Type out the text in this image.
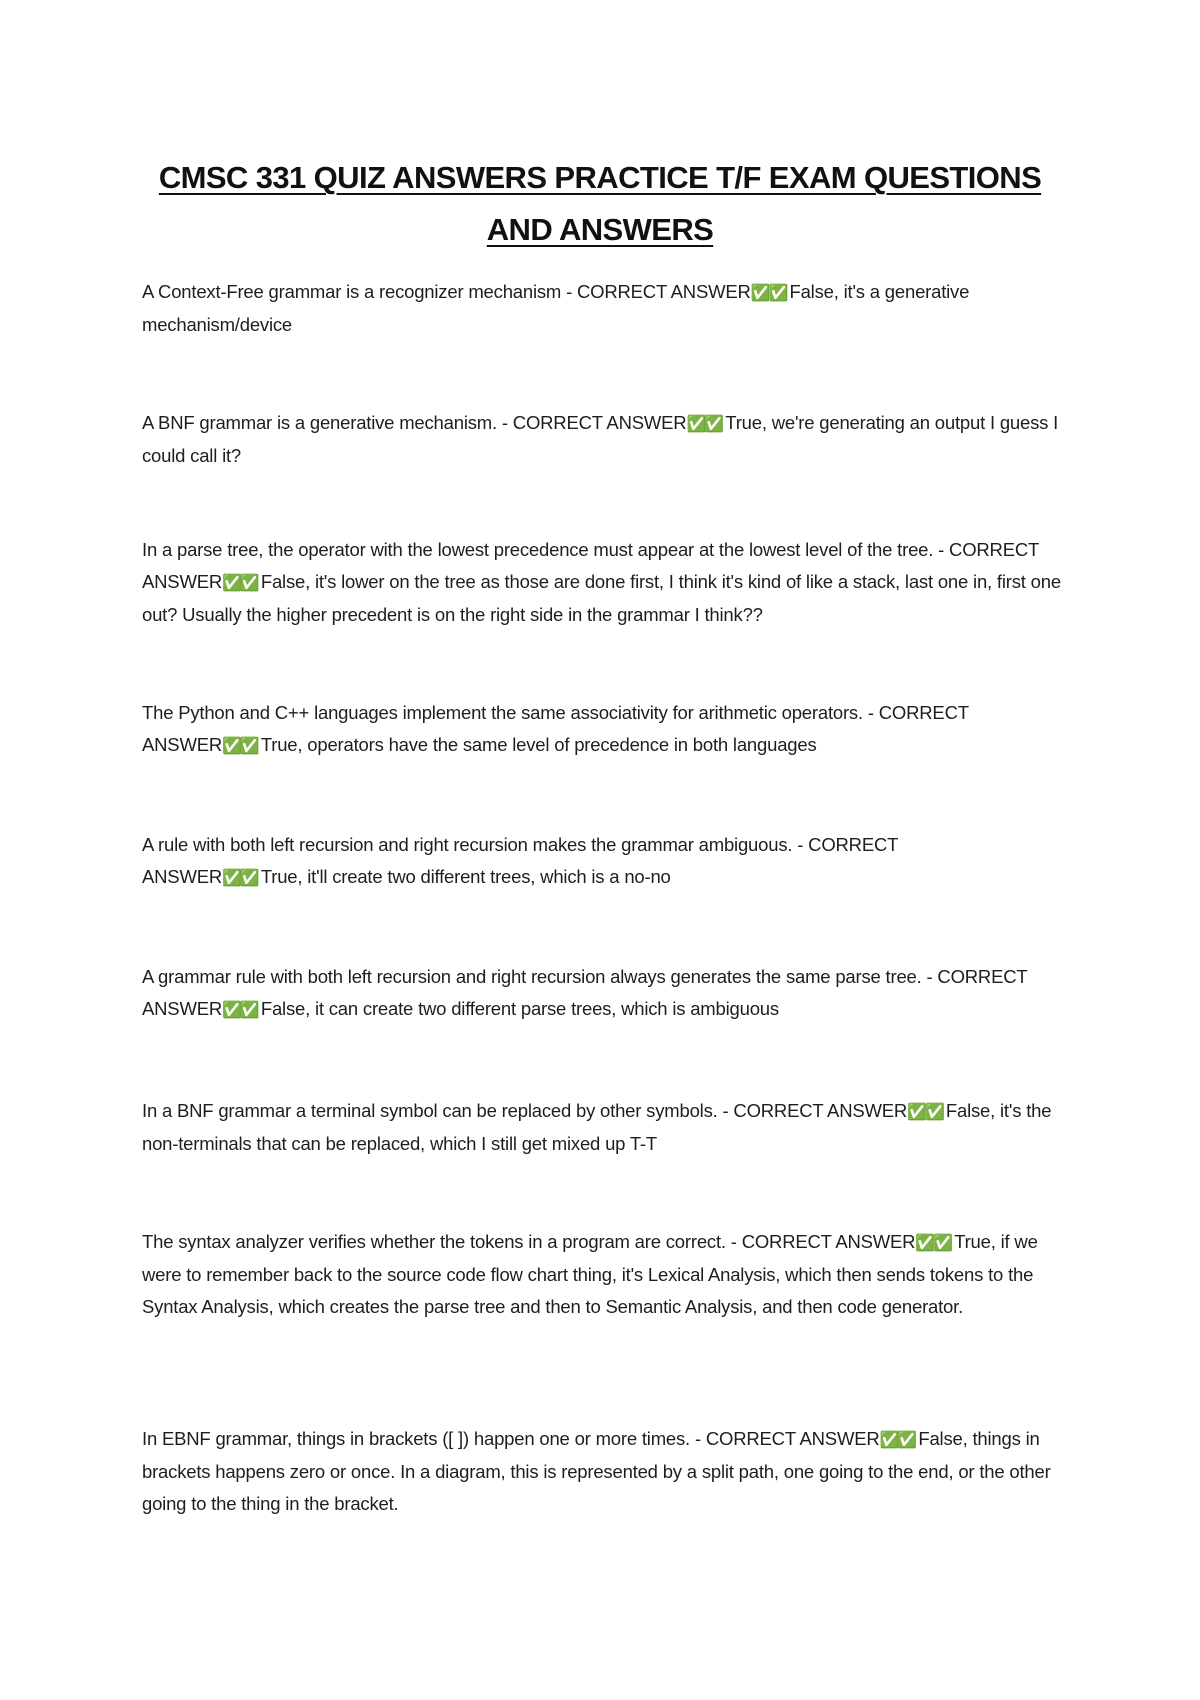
CMSC 331 QUIZ ANSWERS PRACTICE T/F EXAM QUESTIONS AND ANSWERS

A Context-Free grammar is a recognizer mechanism - CORRECT ANSWER✅✅ False, it's a generative mechanism/device

A BNF grammar is a generative mechanism. - CORRECT ANSWER✅✅ True, we're generating an output I guess I could call it?

In a parse tree, the operator with the lowest precedence must appear at the lowest level of the tree. - CORRECT ANSWER✅✅ False, it's lower on the tree as those are done first, I think it's kind of like a stack, last one in, first one out? Usually the higher precedent is on the right side in the grammar I think??

The Python and C++ languages implement the same associativity for arithmetic operators. - CORRECT ANSWER✅✅ True, operators have the same level of precedence in both languages

A rule with both left recursion and right recursion makes the grammar ambiguous. - CORRECT ANSWER✅✅ True, it'll create two different trees, which is a no-no

A grammar rule with both left recursion and right recursion always generates the same parse tree. - CORRECT ANSWER✅✅ False, it can create two different parse trees, which is ambiguous

In a BNF grammar a terminal symbol can be replaced by other symbols. - CORRECT ANSWER✅✅ False, it's the non-terminals that can be replaced, which I still get mixed up T-T

The syntax analyzer verifies whether the tokens in a program are correct. - CORRECT ANSWER✅✅ True, if we were to remember back to the source code flow chart thing, it's Lexical Analysis, which then sends tokens to the Syntax Analysis, which creates the parse tree and then to Semantic Analysis, and then code generator.

In EBNF grammar, things in brackets ([ ]) happen one or more times. - CORRECT ANSWER✅✅ False, things in brackets happens zero or once. In a diagram, this is represented by a split path, one going to the end, or the other going to the thing in the bracket.
